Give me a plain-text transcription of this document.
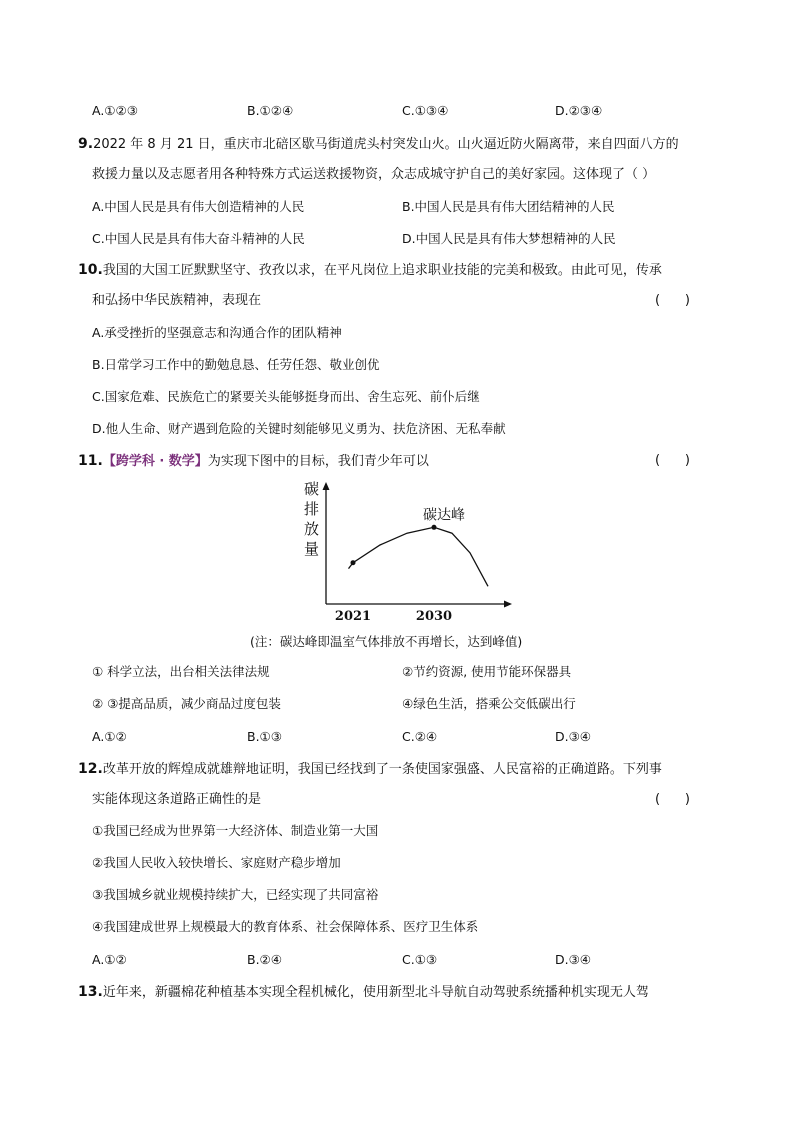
A.①②③	B.①②④	C.①③④	D.②③④
9.2022 年 8 月 21 日，重庆市北碚区歇马街道虎头村突发山火。山火逼近防火隔离带，来自四面八方的
救援力量以及志愿者用各种特殊方式运送救援物资，众志成城守护自己的美好家园。这体现了（ ）
A.中国人民是具有伟大创造精神的人民	B.中国人民是具有伟大团结精神的人民
C.中国人民是具有伟大奋斗精神的人民	D.中国人民是具有伟大梦想精神的人民
10.我国的大国工匠默默坚守、孜孜以求，在平凡岗位上追求职业技能的完美和极致。由此可见，传承
和弘扬中华民族精神，表现在	(      )
A.承受挫折的坚强意志和沟通合作的团队精神
B.日常学习工作中的勤勉息恳、任劳任怨、敬业创优
C.国家危难、民族危亡的紧要关头能够挺身而出、舍生忘死、前仆后继
D.他人生命、财产遇到危险的关键时刻能够见义勇为、扶危济困、无私奉献
11.【跨学科 · 数学】为实现下图中的目标，我们青少年可以	(      )
碳
排
放
量
2021	2030
碳达峰
(注：碳达峰即温室气体排放不再增长，达到峰值)
① 科学立法，出台相关法律法规	②节约资源, 使用节能环保器具
② ③提高品质，减少商品过度包装	④绿色生活，搭乘公交低碳出行
A.①②	B.①③	C.②④	D.③④
12.改革开放的辉煌成就雄辩地证明，我国已经找到了一条使国家强盛、人民富裕的正确道路。下列事
实能体现这条道路正确性的是	(      )
①我国已经成为世界第一大经济体、制造业第一大国
②我国人民收入较快增长、家庭财产稳步增加
③我国城乡就业规模持续扩大，已经实现了共同富裕
④我国建成世界上规模最大的教育体系、社会保障体系、医疗卫生体系
A.①②	B.②④	C.①③	D.③④
13.近年来，新疆棉花种植基本实现全程机械化，使用新型北斗导航自动驾驶系统播种机实现无人驾
